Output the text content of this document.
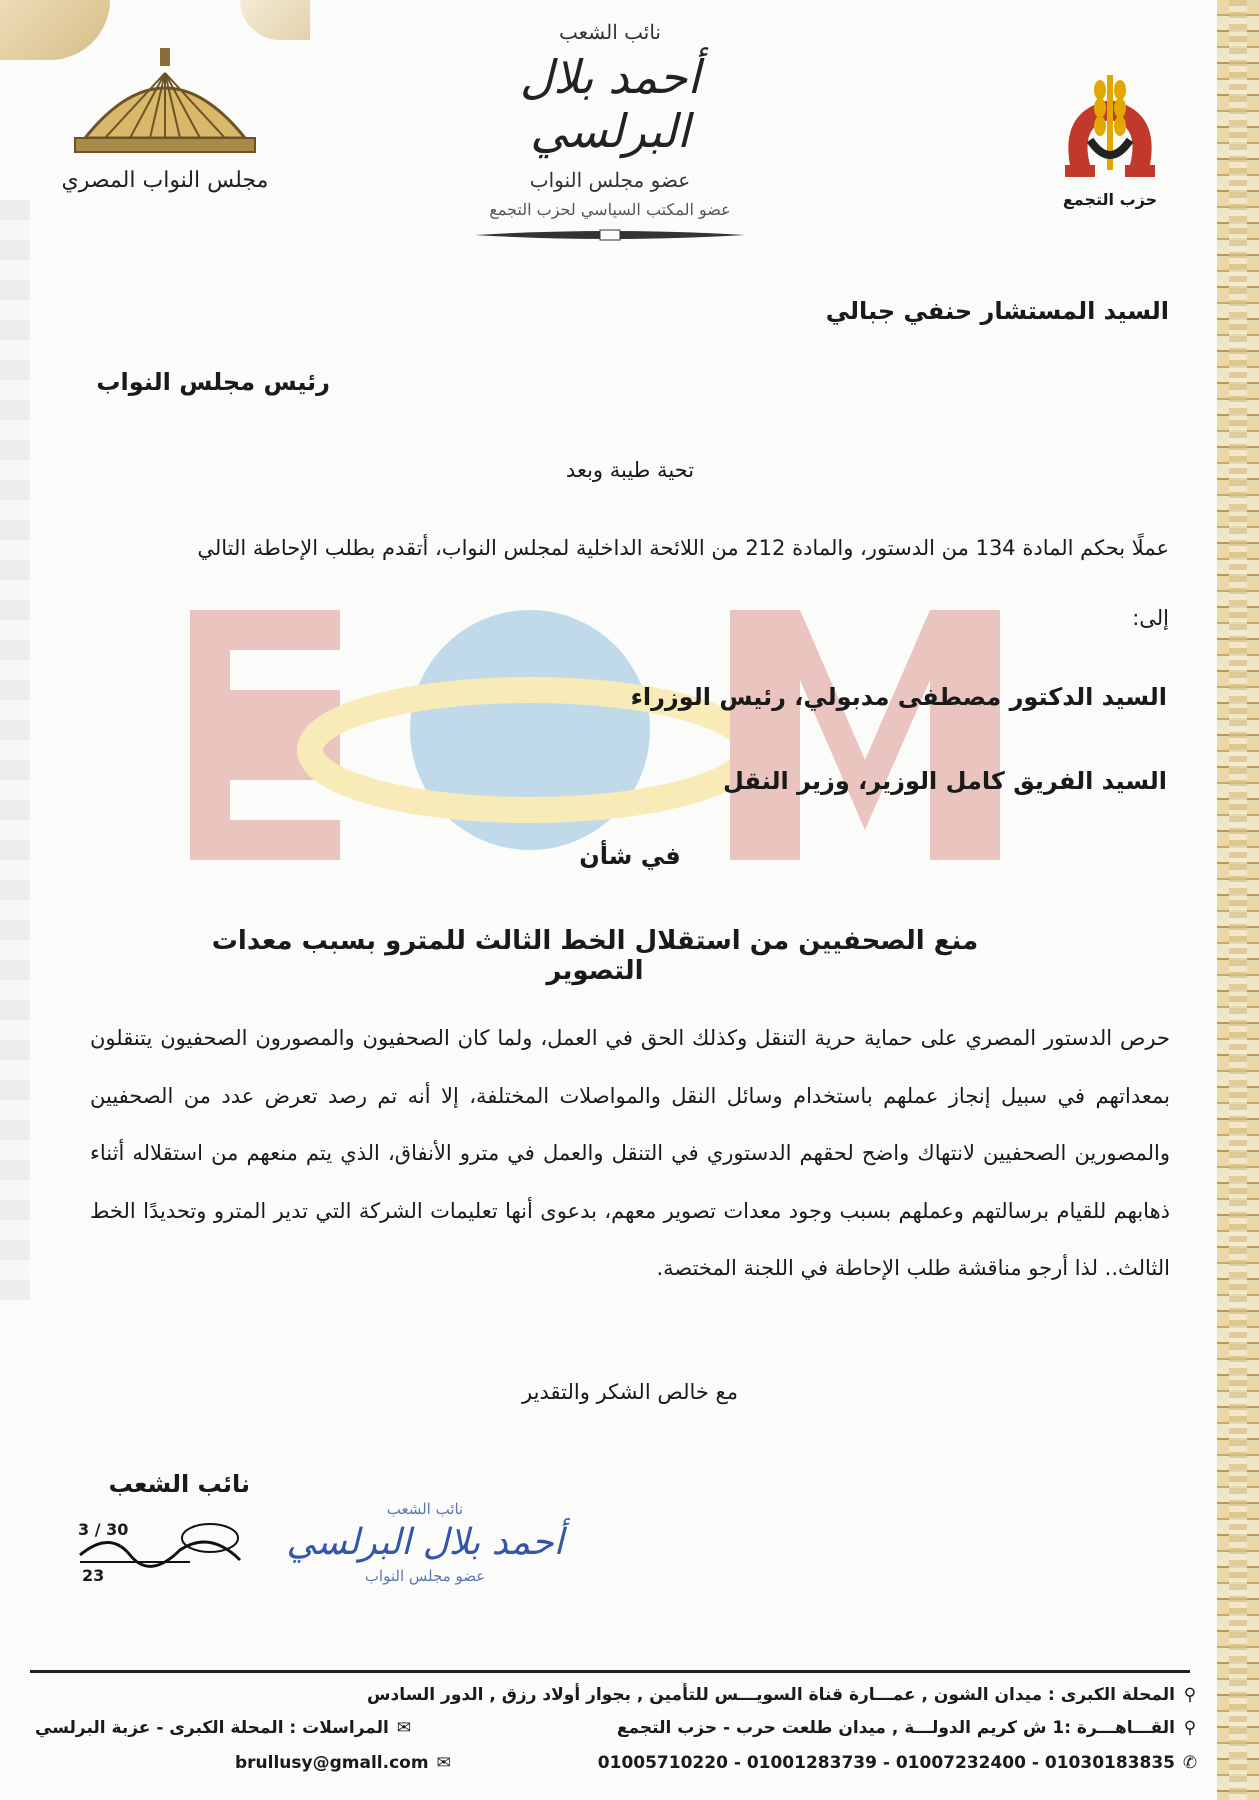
مجلس النواب المصري
نائب الشعب
أحمد بلال البرلسي
عضو مجلس النواب
عضو المكتب السياسي لحزب التجمع
حزب التجمع
السيد المستشار حنفي جبالي
رئيس مجلس النواب
تحية طيبة وبعد
عملًا بحكم المادة 134 من الدستور، والمادة 212 من اللائحة الداخلية لمجلس النواب، أتقدم بطلب الإحاطة التالي
إلى:
السيد الدكتور مصطفى مدبولي، رئيس الوزراء
السيد الفريق كامل الوزير، وزير النقل
في شأن
منع الصحفيين من استقلال الخط الثالث للمترو بسبب معدات التصوير
حرص الدستور المصري على حماية حرية التنقل وكذلك الحق في العمل، ولما كان الصحفيون والمصورون الصحفيون يتنقلون بمعداتهم في سبيل إنجاز عملهم باستخدام وسائل النقل والمواصلات المختلفة، إلا أنه تم رصد تعرض عدد من الصحفيين والمصورين الصحفيين لانتهاك واضح لحقهم الدستوري في التنقل والعمل في مترو الأنفاق، الذي يتم منعهم من استقلاله أثناء ذهابهم للقيام برسالتهم وعملهم بسبب وجود معدات تصوير معهم، بدعوى أنها تعليمات الشركة التي تدير المترو وتحديدًا الخط الثالث.. لذا أرجو مناقشة طلب الإحاطة في اللجنة المختصة.
مع خالص الشكر والتقدير
نائب الشعب
3 / 30
23
نائب الشعب
أحمد بلال البرلسي
عضو مجلس النواب
⚲المحلة الكبرى : ميدان الشون , عمـــارة قناة السويـــس للتأمين , بجوار أولاد رزق , الدور السادس
⚲القـــاهـــرة :1 ش كريم الدولـــة , ميدان طلعت حرب - حزب التجمع
✉المراسلات : المحلة الكبرى - عزبة البرلسي
✆01030183835 - 01007232400 - 01001283739 - 01005710220
✉brullusy@gmall.com
